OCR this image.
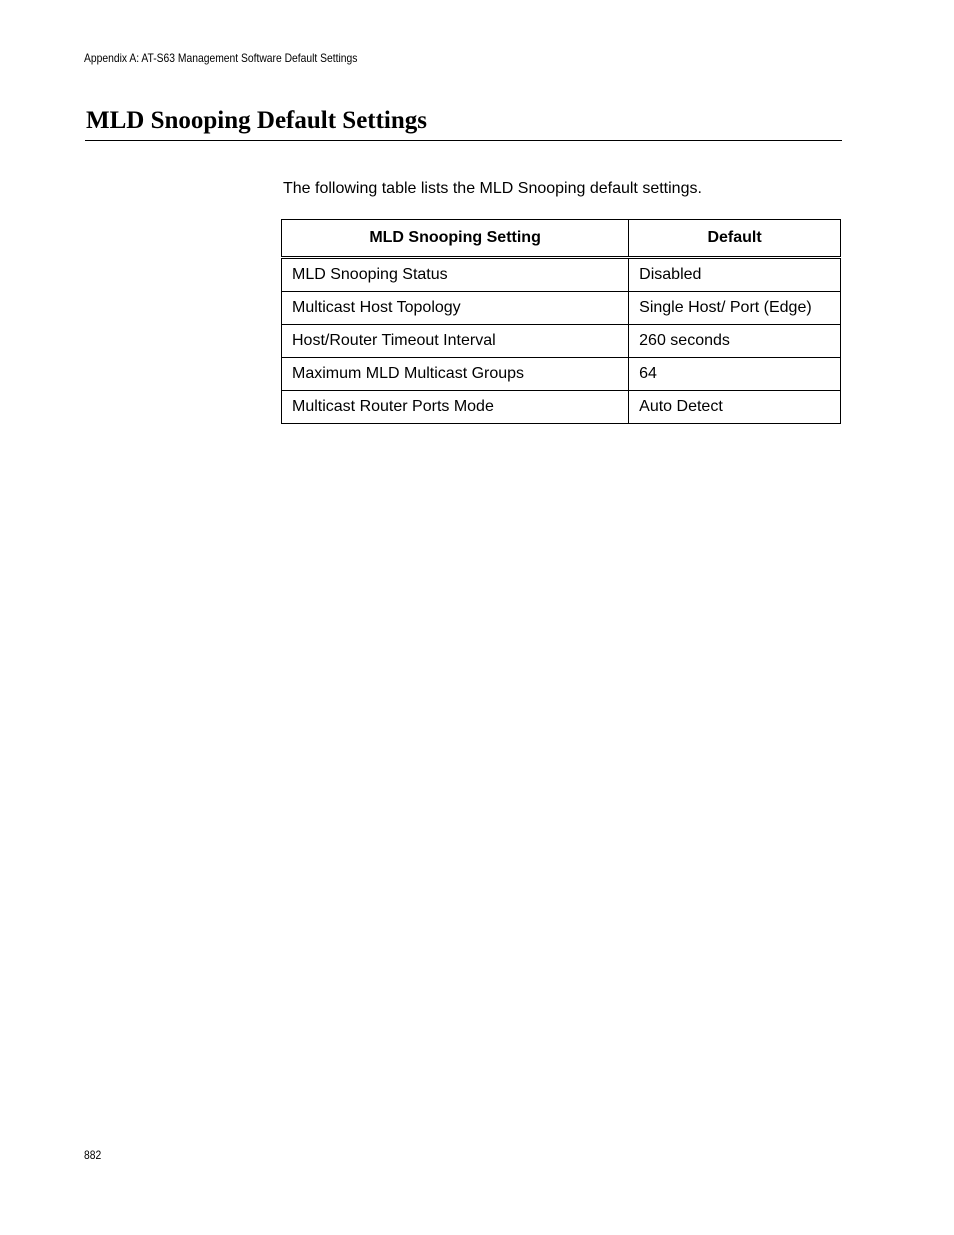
Appendix A: AT-S63 Management Software Default Settings
MLD Snooping Default Settings

The following table lists the MLD Snooping default settings.

MLD Snooping Setting	Default
MLD Snooping Status	Disabled
Multicast Host Topology	Single Host/ Port (Edge)
Host/Router Timeout Interval	260 seconds
Maximum MLD Multicast Groups	64
Multicast Router Ports Mode	Auto Detect
882
